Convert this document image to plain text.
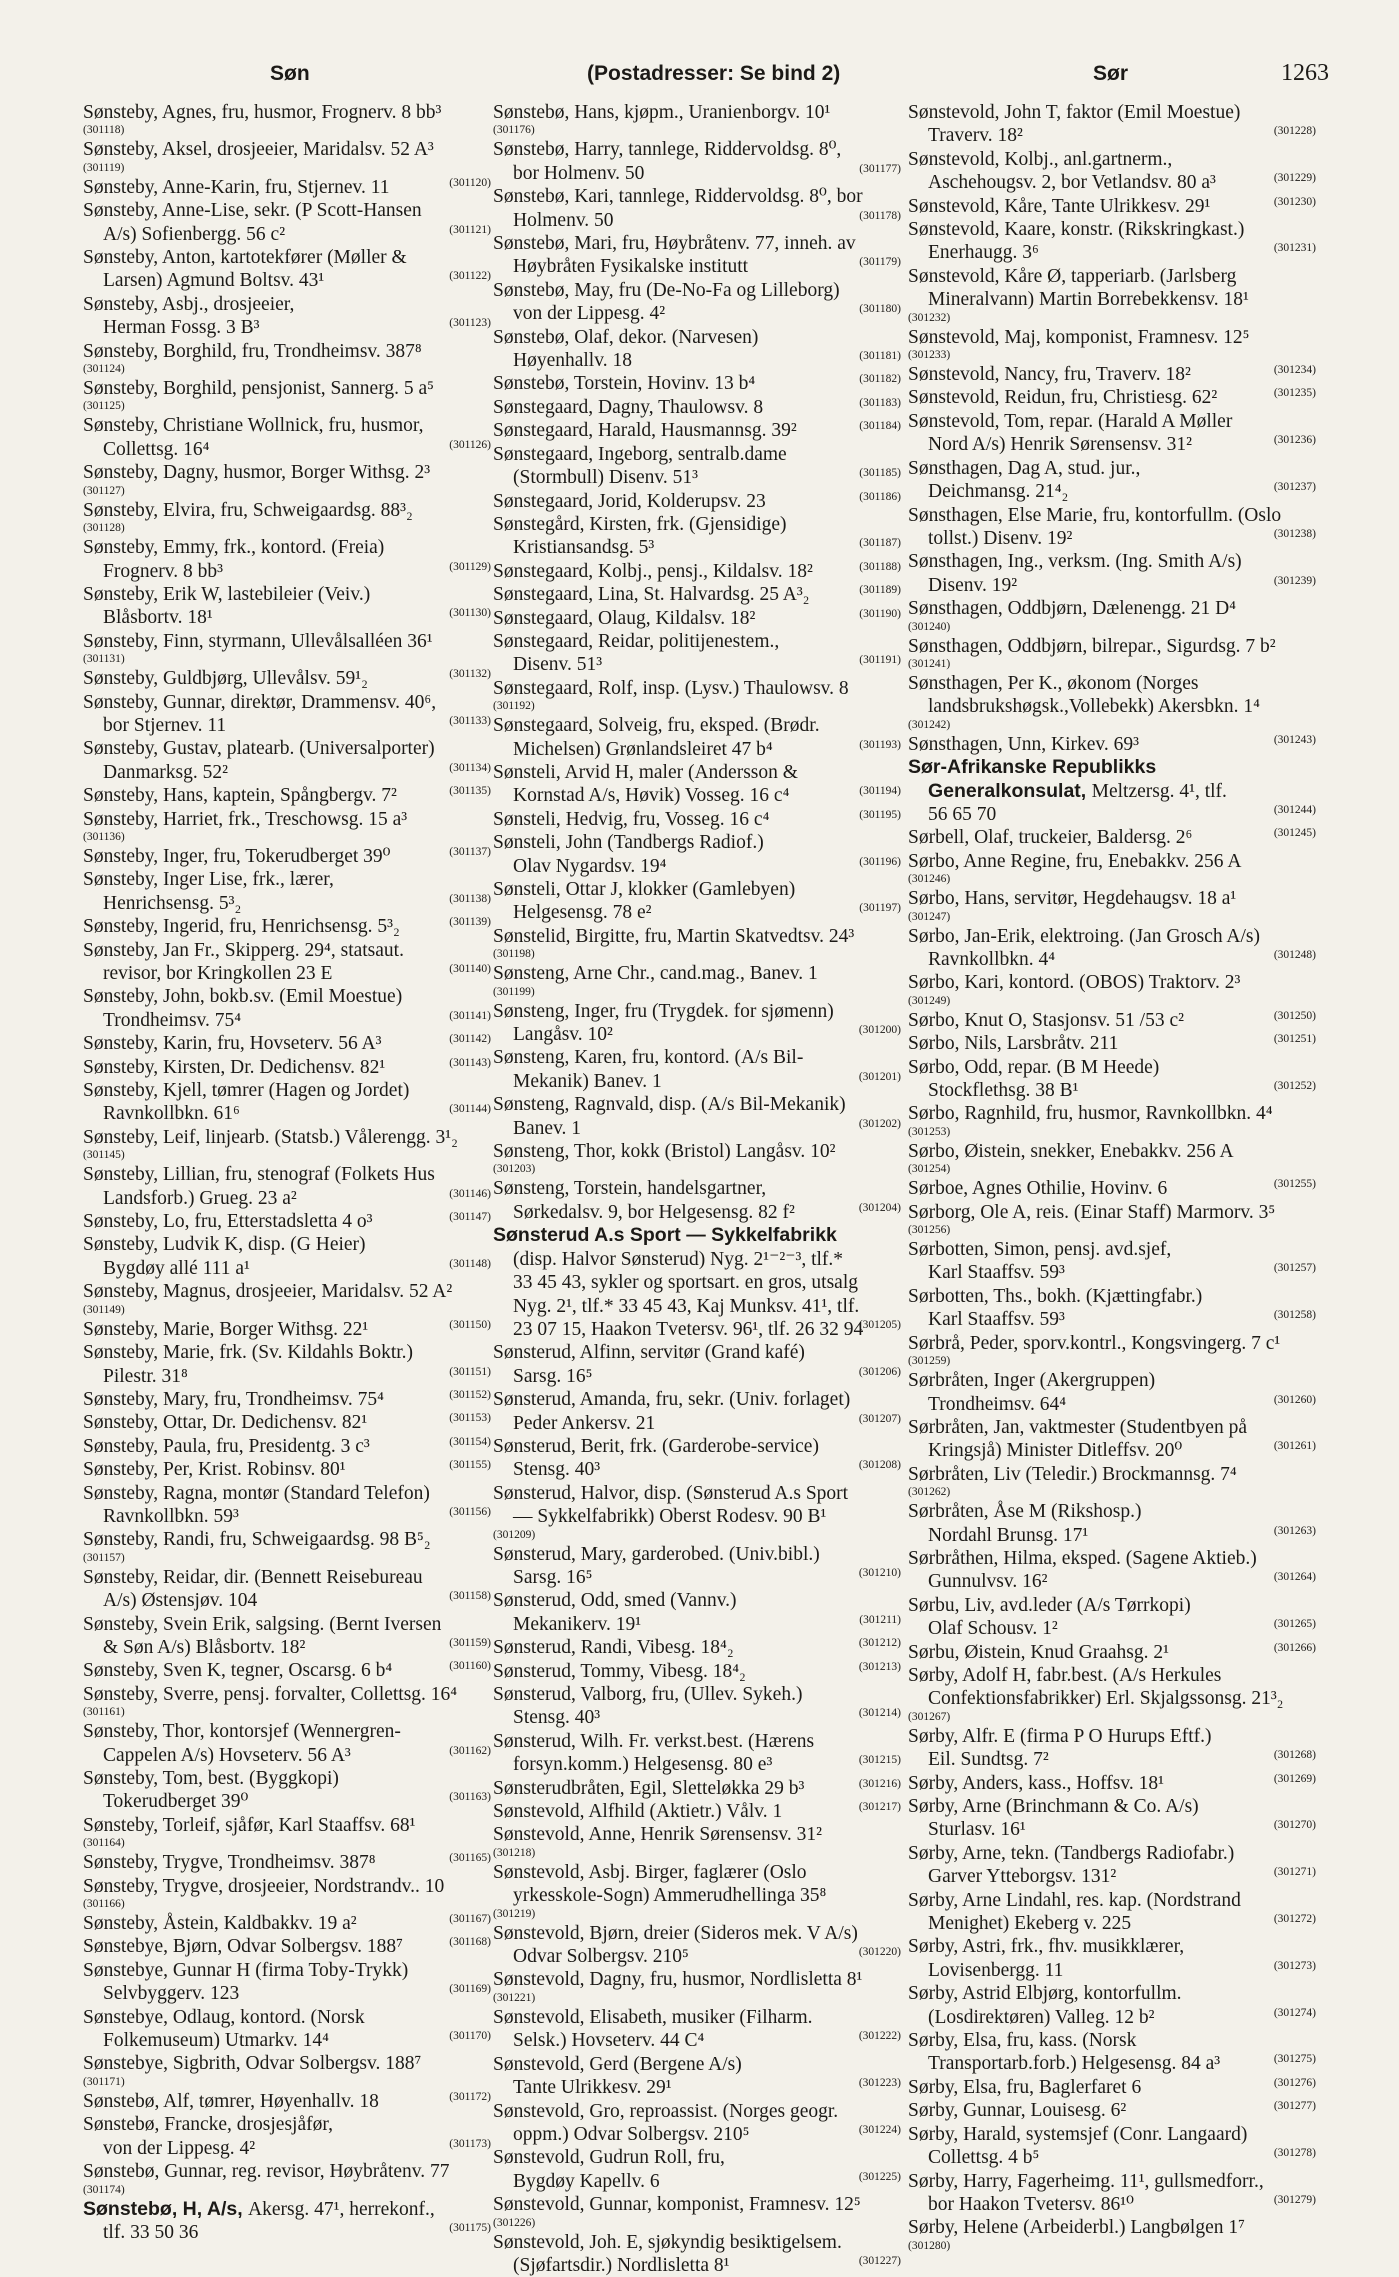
Søn	(Postadresser: Se bind 2)	Sør	1263
Sønsteby, Agnes, fru, husmor, Frognerv. 8 bb³
(301118)
Sønsteby, Aksel, drosjeeier, Maridalsv. 52 A³
(301119)
Sønsteby, Anne-Karin, fru, Stjernev. 11	(301120)
Sønsteby, Anne-Lise, sekr. (P Scott-Hansen
A/s) Sofienbergg. 56 c²	(301121)
Sønsteby, Anton, kartotekfører (Møller &
Larsen) Agmund Boltsv. 43¹	(301122)
Sønsteby, Asbj., drosjeeier,
Herman Fossg. 3 B³	(301123)
Sønsteby, Borghild, fru, Trondheimsv. 387⁸
(301124)
Sønsteby, Borghild, pensjonist, Sannerg. 5 a⁵
(301125)
Sønsteby, Christiane Wollnick, fru, husmor,
Collettsg. 16⁴	(301126)
Sønsteby, Dagny, husmor, Borger Withsg. 2³
(301127)
Sønsteby, Elvira, fru, Schweigaardsg. 88³₂
(301128)
Sønsteby, Emmy, frk., kontord. (Freia)
Frognerv. 8 bb³	(301129)
Sønsteby, Erik W, lastebileier (Veiv.)
Blåsbortv. 18¹	(301130)
Sønsteby, Finn, styrmann, Ullevålsalléen 36¹
(301131)
Sønsteby, Guldbjørg, Ullevålsv. 59¹₂	(301132)
Sønsteby, Gunnar, direktør, Drammensv. 40⁶,
bor Stjernev. 11	(301133)
Sønsteby, Gustav, platearb. (Universalporter)
Danmarksg. 52²	(301134)
Sønsteby, Hans, kaptein, Spångbergv. 7²	(301135)
Sønsteby, Harriet, frk., Treschowsg. 15 a³
(301136)
Sønsteby, Inger, fru, Tokerudberget 39⁰	(301137)
Sønsteby, Inger Lise, frk., lærer,
Henrichsensg. 5³₂	(301138)
Sønsteby, Ingerid, fru, Henrichsensg. 5³₂	(301139)
Sønsteby, Jan Fr., Skipperg. 29⁴, statsaut.
revisor, bor Kringkollen 23 E	(301140)
Sønsteby, John, bokb.sv. (Emil Moestue)
Trondheimsv. 75⁴	(301141)
Sønsteby, Karin, fru, Hovseterv. 56 A³	(301142)
Sønsteby, Kirsten, Dr. Dedichensv. 82¹	(301143)
Sønsteby, Kjell, tømrer (Hagen og Jordet)
Ravnkollbkn. 61⁶	(301144)
Sønsteby, Leif, linjearb. (Statsb.) Vålerengg. 3¹₂
(301145)
Sønsteby, Lillian, fru, stenograf (Folkets Hus
Landsforb.) Grueg. 23 a²	(301146)
Sønsteby, Lo, fru, Etterstadsletta 4 o³	(301147)
Sønsteby, Ludvik K, disp. (G Heier)
Bygdøy allé 111 a¹	(301148)
Sønsteby, Magnus, drosjeeier, Maridalsv. 52 A²
(301149)
Sønsteby, Marie, Borger Withsg. 22¹	(301150)
Sønsteby, Marie, frk. (Sv. Kildahls Boktr.)
Pilestr. 31⁸	(301151)
Sønsteby, Mary, fru, Trondheimsv. 75⁴	(301152)
Sønsteby, Ottar, Dr. Dedichensv. 82¹	(301153)
Sønsteby, Paula, fru, Presidentg. 3 c³	(301154)
Sønsteby, Per, Krist. Robinsv. 80¹	(301155)
Sønsteby, Ragna, montør (Standard Telefon)
Ravnkollbkn. 59³	(301156)
Sønsteby, Randi, fru, Schweigaardsg. 98 B⁵₂
(301157)
Sønsteby, Reidar, dir. (Bennett Reisebureau
A/s) Østensjøv. 104	(301158)
Sønsteby, Svein Erik, salgsing. (Bernt Iversen
& Søn A/s) Blåsbortv. 18²	(301159)
Sønsteby, Sven K, tegner, Oscarsg. 6 b⁴	(301160)
Sønsteby, Sverre, pensj. forvalter, Collettsg. 16⁴
(301161)
Sønsteby, Thor, kontorsjef (Wennergren-
Cappelen A/s) Hovseterv. 56 A³	(301162)
Sønsteby, Tom, best. (Byggkopi)
Tokerudberget 39⁰	(301163)
Sønsteby, Torleif, sjåfør, Karl Staaffsv. 68¹
(301164)
Sønsteby, Trygve, Trondheimsv. 387⁸	(301165)
Sønsteby, Trygve, drosjeeier, Nordstrandv.. 10
(301166)
Sønsteby, Åstein, Kaldbakkv. 19 a²	(301167)
Sønstebye, Bjørn, Odvar Solbergsv. 188⁷	(301168)
Sønstebye, Gunnar H (firma Toby-Trykk)
Selvbyggerv. 123	(301169)
Sønstebye, Odlaug, kontord. (Norsk
Folkemuseum) Utmarkv. 14⁴	(301170)
Sønstebye, Sigbrith, Odvar Solbergsv. 188⁷
(301171)
Sønstebø, Alf, tømrer, Høyenhallv. 18	(301172)
Sønstebø, Francke, drosjesjåfør,
von der Lippesg. 4²	(301173)
Sønstebø, Gunnar, reg. revisor, Høybråtenv. 77
(301174)
Sønstebø, H, A/s, Akersg. 47¹, herrekonf.,
tlf. 33 50 36	(301175)
Sønstebø, Hans, kjøpm., Uranienborgv. 10¹
(301176)
Sønstebø, Harry, tannlege, Riddervoldsg. 8⁰,
bor Holmenv. 50	(301177)
Sønstebø, Kari, tannlege, Riddervoldsg. 8⁰, bor
Holmenv. 50	(301178)
Sønstebø, Mari, fru, Høybråtenv. 77, inneh. av
Høybråten Fysikalske institutt	(301179)
Sønstebø, May, fru (De-No-Fa og Lilleborg)
von der Lippesg. 4²	(301180)
Sønstebø, Olaf, dekor. (Narvesen)
Høyenhallv. 18	(301181)
Sønstebø, Torstein, Hovinv. 13 b⁴	(301182)
Sønstegaard, Dagny, Thaulowsv. 8	(301183)
Sønstegaard, Harald, Hausmannsg. 39²	(301184)
Sønstegaard, Ingeborg, sentralb.dame
(Stormbull) Disenv. 51³	(301185)
Sønstegaard, Jorid, Kolderupsv. 23	(301186)
Sønstegård, Kirsten, frk. (Gjensidige)
Kristiansandsg. 5³	(301187)
Sønstegaard, Kolbj., pensj., Kildalsv. 18²	(301188)
Sønstegaard, Lina, St. Halvardsg. 25 A³₂	(301189)
Sønstegaard, Olaug, Kildalsv. 18²	(301190)
Sønstegaard, Reidar, politijenestem.,
Disenv. 51³	(301191)
Sønstegaard, Rolf, insp. (Lysv.) Thaulowsv. 8
(301192)
Sønstegaard, Solveig, fru, eksped. (Brødr.
Michelsen) Grønlandsleiret 47 b⁴	(301193)
Sønsteli, Arvid H, maler (Andersson &
Kornstad A/s, Høvik) Vosseg. 16 c⁴	(301194)
Sønsteli, Hedvig, fru, Vosseg. 16 c⁴	(301195)
Sønsteli, John (Tandbergs Radiof.)
Olav Nygardsv. 19⁴	(301196)
Sønsteli, Ottar J, klokker (Gamlebyen)
Helgesensg. 78 e²	(301197)
Sønstelid, Birgitte, fru, Martin Skatvedtsv. 24³
(301198)
Sønsteng, Arne Chr., cand.mag., Banev. 1
(301199)
Sønsteng, Inger, fru (Trygdek. for sjømenn)
Langåsv. 10²	(301200)
Sønsteng, Karen, fru, kontord. (A/s Bil-
Mekanik) Banev. 1	(301201)
Sønsteng, Ragnvald, disp. (A/s Bil-Mekanik)
Banev. 1	(301202)
Sønsteng, Thor, kokk (Bristol) Langåsv. 10²
(301203)
Sønsteng, Torstein, handelsgartner,
Sørkedalsv. 9, bor Helgesensg. 82 f²	(301204)
Sønsterud A.s Sport — Sykkelfabrikk
(disp. Halvor Sønsterud) Nyg. 2¹⁻²⁻³, tlf.*
33 45 43, sykler og sportsart. en gros, utsalg
Nyg. 2¹, tlf.* 33 45 43, Kaj Munksv. 41¹, tlf.
23 07 15, Haakon Tvetersv. 96¹, tlf. 26 32 94
(301205)
Sønsterud, Alfinn, servitør (Grand kafé)
Sarsg. 16⁵	(301206)
Sønsterud, Amanda, fru, sekr. (Univ. forlaget)
Peder Ankersv. 21	(301207)
Sønsterud, Berit, frk. (Garderobe-service)
Stensg. 40³	(301208)
Sønsterud, Halvor, disp. (Sønsterud A.s Sport
— Sykkelfabrikk) Oberst Rodesv. 90 B¹
(301209)
Sønsterud, Mary, garderobed. (Univ.bibl.)
Sarsg. 16⁵	(301210)
Sønsterud, Odd, smed (Vannv.)
Mekanikerv. 19¹	(301211)
Sønsterud, Randi, Vibesg. 18⁴₂	(301212)
Sønsterud, Tommy, Vibesg. 18⁴₂	(301213)
Sønsterud, Valborg, fru, (Ullev. Sykeh.)
Stensg. 40³	(301214)
Sønsterud, Wilh. Fr. verkst.best. (Hærens
forsyn.komm.) Helgesensg. 80 e³	(301215)
Sønsterudbråten, Egil, Sletteløkka 29 b³	(301216)
Sønstevold, Alfhild (Aktietr.) Vålv. 1	(301217)
Sønstevold, Anne, Henrik Sørensensv. 31²
(301218)
Sønstevold, Asbj. Birger, faglærer (Oslo
yrkesskole-Sogn) Ammerudhellinga 35⁸
(301219)
Sønstevold, Bjørn, dreier (Sideros mek. V A/s)
Odvar Solbergsv. 210⁵	(301220)
Sønstevold, Dagny, fru, husmor, Nordlisletta 8¹
(301221)
Sønstevold, Elisabeth, musiker (Filharm.
Selsk.) Hovseterv. 44 C⁴	(301222)
Sønstevold, Gerd (Bergene A/s)
Tante Ulrikkesv. 29¹	(301223)
Sønstevold, Gro, reproassist. (Norges geogr.
oppm.) Odvar Solbergsv. 210⁵	(301224)
Sønstevold, Gudrun Roll, fru,
Bygdøy Kapellv. 6	(301225)
Sønstevold, Gunnar, komponist, Framnesv. 12⁵
(301226)
Sønstevold, Joh. E, sjøkyndig besiktigelsem.
(Sjøfartsdir.) Nordlisletta 8¹	(301227)
Sønstevold, John T, faktor (Emil Moestue)
Traverv. 18²	(301228)
Sønstevold, Kolbj., anl.gartnerm.,
Aschehougsv. 2, bor Vetlandsv. 80 a³	(301229)
Sønstevold, Kåre, Tante Ulrikkesv. 29¹	(301230)
Sønstevold, Kaare, konstr. (Rikskringkast.)
Enerhaugg. 3⁶	(301231)
Sønstevold, Kåre Ø, tapperiarb. (Jarlsberg
Mineralvann) Martin Borrebekkensv. 18¹
(301232)
Sønstevold, Maj, komponist, Framnesv. 12⁵
(301233)
Sønstevold, Nancy, fru, Traverv. 18²	(301234)
Sønstevold, Reidun, fru, Christiesg. 62²	(301235)
Sønstevold, Tom, repar. (Harald A Møller
Nord A/s) Henrik Sørensensv. 31²	(301236)
Sønsthagen, Dag A, stud. jur.,
Deichmansg. 21⁴₂	(301237)
Sønsthagen, Else Marie, fru, kontorfullm. (Oslo
tollst.) Disenv. 19²	(301238)
Sønsthagen, Ing., verksm. (Ing. Smith A/s)
Disenv. 19²	(301239)
Sønsthagen, Oddbjørn, Dælenengg. 21 D⁴
(301240)
Sønsthagen, Oddbjørn, bilrepar., Sigurdsg. 7 b²
(301241)
Sønsthagen, Per K., økonom (Norges
landsbrukshøgsk.,Vollebekk) Akersbkn. 1⁴
(301242)
Sønsthagen, Unn, Kirkev. 69³	(301243)
Sør-Afrikanske Republikks
Generalkonsulat, Meltzersg. 4¹, tlf.
56 65 70	(301244)
Sørbell, Olaf, truckeier, Baldersg. 2⁶	(301245)
Sørbo, Anne Regine, fru, Enebakkv. 256 A
(301246)
Sørbo, Hans, servitør, Hegdehaugsv. 18 a¹
(301247)
Sørbo, Jan-Erik, elektroing. (Jan Grosch A/s)
Ravnkollbkn. 4⁴	(301248)
Sørbo, Kari, kontord. (OBOS) Traktorv. 2³
(301249)
Sørbo, Knut O, Stasjonsv. 51 /53 c²	(301250)
Sørbo, Nils, Larsbråtv. 211	(301251)
Sørbo, Odd, repar. (B M Heede)
Stockflethsg. 38 B¹	(301252)
Sørbo, Ragnhild, fru, husmor, Ravnkollbkn. 4⁴
(301253)
Sørbo, Øistein, snekker, Enebakkv. 256 A
(301254)
Sørboe, Agnes Othilie, Hovinv. 6	(301255)
Sørborg, Ole A, reis. (Einar Staff) Marmorv. 3⁵
(301256)
Sørbotten, Simon, pensj. avd.sjef,
Karl Staaffsv. 59³	(301257)
Sørbotten, Ths., bokh. (Kjættingfabr.)
Karl Staaffsv. 59³	(301258)
Sørbrå, Peder, sporv.kontrl., Kongsvingerg. 7 c¹
(301259)
Sørbråten, Inger (Akergruppen)
Trondheimsv. 64⁴	(301260)
Sørbråten, Jan, vaktmester (Studentbyen på
Kringsjå) Minister Ditleffsv. 20⁰	(301261)
Sørbråten, Liv (Teledir.) Brockmannsg. 7⁴
(301262)
Sørbråten, Åse M (Rikshosp.)
Nordahl Brunsg. 17¹	(301263)
Sørbråthen, Hilma, eksped. (Sagene Aktieb.)
Gunnulvsv. 16²	(301264)
Sørbu, Liv, avd.leder (A/s Tørrkopi)
Olaf Schousv. 1²	(301265)
Sørbu, Øistein, Knud Graahsg. 2¹	(301266)
Sørby, Adolf H, fabr.best. (A/s Herkules
Confektionsfabrikker) Erl. Skjalgssonsg. 21³₂
(301267)
Sørby, Alfr. E (firma P O Hurups Eftf.)
Eil. Sundtsg. 7²	(301268)
Sørby, Anders, kass., Hoffsv. 18¹	(301269)
Sørby, Arne (Brinchmann & Co. A/s)
Sturlasv. 16¹	(301270)
Sørby, Arne, tekn. (Tandbergs Radiofabr.)
Garver Ytteborgsv. 131²	(301271)
Sørby, Arne Lindahl, res. kap. (Nordstrand
Menighet) Ekeberg v. 225	(301272)
Sørby, Astri, frk., fhv. musikklærer,
Lovisenbergg. 11	(301273)
Sørby, Astrid Elbjørg, kontorfullm.
(Losdirektøren) Valleg. 12 b²	(301274)
Sørby, Elsa, fru, kass. (Norsk
Transportarb.forb.) Helgesensg. 84 a³	(301275)
Sørby, Elsa, fru, Baglerfaret 6	(301276)
Sørby, Gunnar, Louisesg. 6²	(301277)
Sørby, Harald, systemsjef (Conr. Langaard)
Collettsg. 4 b⁵	(301278)
Sørby, Harry, Fagerheimg. 11¹, gullsmedforr.,
bor Haakon Tvetersv. 86¹⁰	(301279)
Sørby, Helene (Arbeiderbl.) Langbølgen 1⁷
(301280)
